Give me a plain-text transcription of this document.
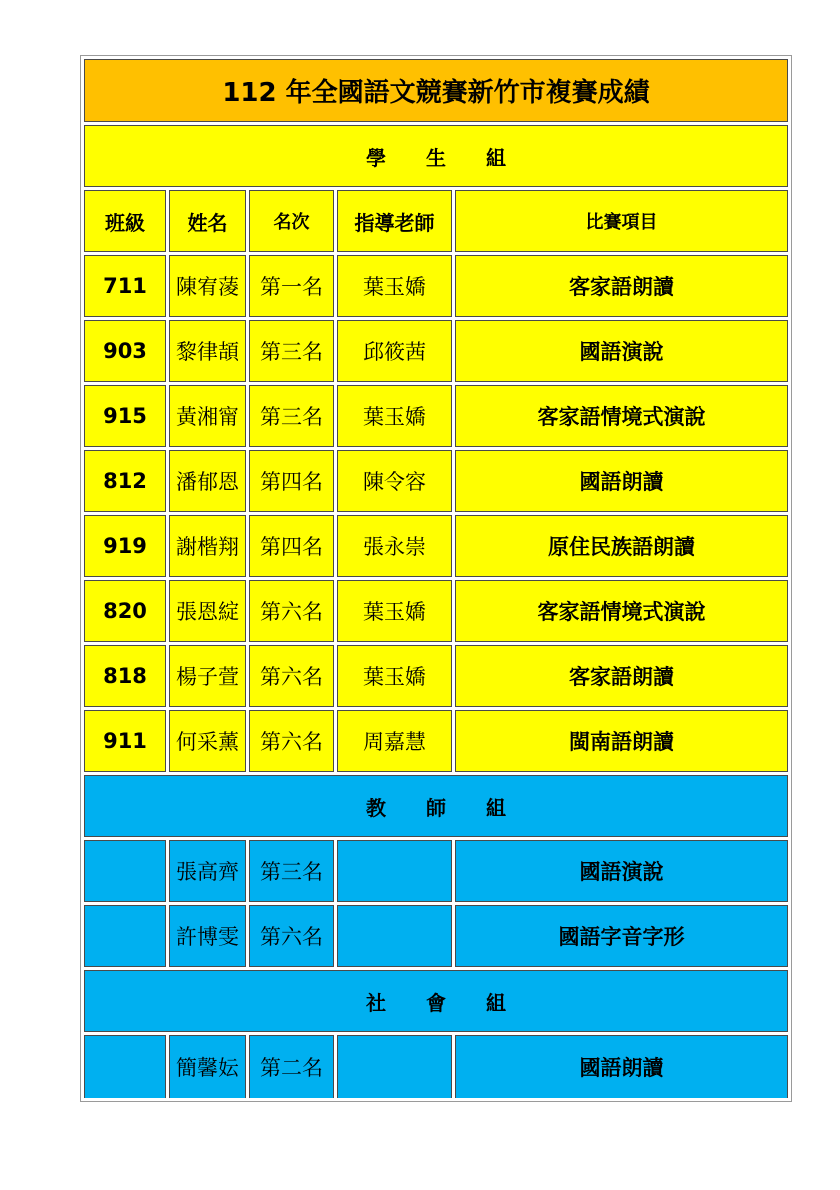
112 年全國語文競賽新竹市複賽成績				
學　　生　　組				
班級	姓名	名次	指導老師	比賽項目
711	陳宥蓤	第一名	葉玉嬌	客家語朗讀
903	黎律頡	第三名	邱筱茜	國語演說
915	黃湘甯	第三名	葉玉嬌	客家語情境式演說
812	潘郁恩	第四名	陳令容	國語朗讀
919	謝楷翔	第四名	張永崇	原住民族語朗讀
820	張恩綻	第六名	葉玉嬌	客家語情境式演說
818	楊子萱	第六名	葉玉嬌	客家語朗讀
911	何采薰	第六名	周嘉慧	閩南語朗讀
教　　師　　組				
	張高齊	第三名		國語演說
	許博雯	第六名		國語字音字形
社　　會　　組				
	簡馨妘	第二名		國語朗讀
